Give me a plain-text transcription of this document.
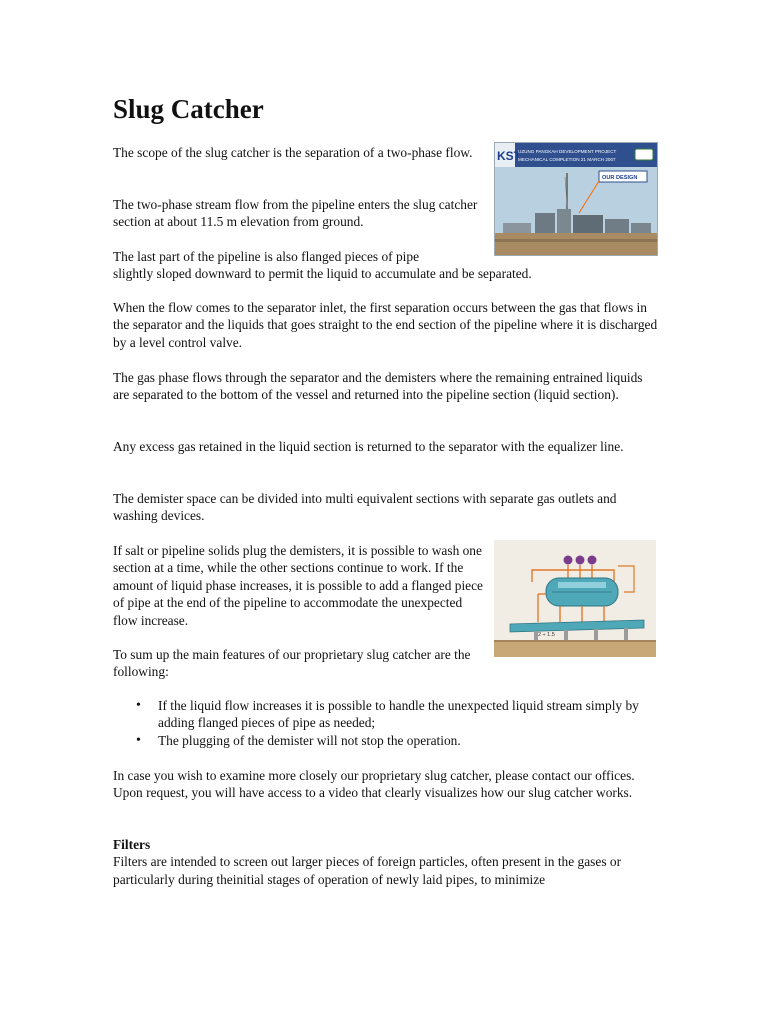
Slug Catcher

The scope of the slug catcher is the separation of a two-phase flow.

The two-phase stream flow from the pipeline enters the slug catcher section at about 11.5 m elevation from ground.

The last part of the pipeline is also flanged pieces of pipe
slightly sloped downward to permit the liquid to accumulate and be separated.

When the flow comes to the separator inlet, the first separation occurs between the gas that flows in the separator and the liquids that goes straight to the end section of the pipeline where it is discharged by a level control valve.

The gas phase flows through the separator and the demisters where the remaining entrained liquids are separated to the bottom of the vessel and returned into the pipeline section (liquid section).

Any excess gas retained in the liquid section is returned to the separator with the equalizer line.

The demister space can be divided into multi equivalent sections with separate gas outlets and washing devices.

If salt or pipeline solids plug the demisters, it is possible to wash one section at a time, while the other sections continue to work. If the amount of liquid phase increases, it is possible to add a flanged piece of pipe at the end of the pipeline to accommodate the unexpected flow increase.

To sum up the main features of our proprietary slug catcher are the following:

• If the liquid flow increases it is possible to handle the unexpected liquid stream simply by adding flanged pieces of pipe as needed;
• The plugging of the demister will not stop the operation.

In case you wish to examine more closely our proprietary slug catcher, please contact our offices. Upon request, you will have access to a video that clearly visualizes how our slug catcher works.

Filters
Filters are intended to screen out larger pieces of foreign particles, often present in the gases or particularly during theinitial stages of operation of newly laid pipes, to minimize

KST
UZUNG PANGKAH DEVELOPMENT PROJECT
MECHANICAL COMPLETION 21 MARCH 2007
OUR DESIGN
2 ÷ 1.5
